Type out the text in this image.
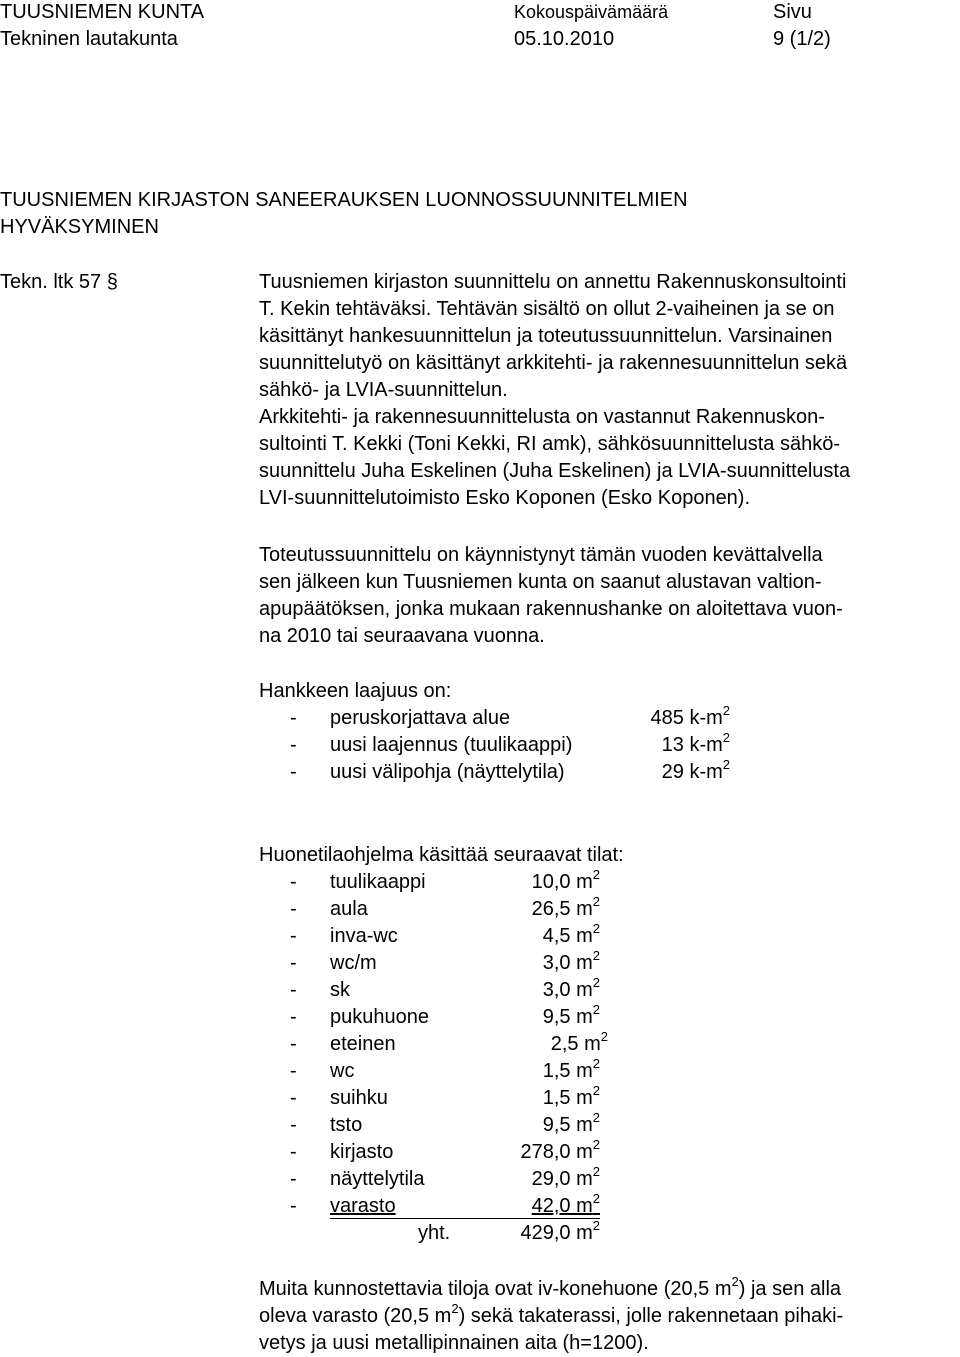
TUUSNIEMEN KUNTA
Tekninen lautakunta
Kokouspäivämäärä
05.10.2010
Sivu
9 (1/2)
TUUSNIEMEN KIRJASTON SANEERAUKSEN LUONNOSSUUNNITELMIEN
HYVÄKSYMINEN
Tekn. ltk 57 §	Tuusniemen kirjaston suunnittelu on annettu Rakennuskonsultointi
T. Kekin tehtäväksi. Tehtävän sisältö on ollut 2-vaiheinen ja se on
käsittänyt hankesuunnittelun ja toteutussuunnittelun. Varsinainen
suunnittelutyö on käsittänyt arkkitehti- ja rakennesuunnittelun sekä
sähkö- ja LVIA-suunnittelun.
Arkkitehti- ja rakennesuunnittelusta on vastannut Rakennuskon-
sultointi T. Kekki (Toni Kekki, RI amk), sähkösuunnittelusta sähkö-
suunnittelu Juha Eskelinen (Juha Eskelinen) ja LVIA-suunnittelusta
LVI-suunnittelutoimisto Esko Koponen (Esko Koponen).
Toteutussuunnittelu on käynnistynyt tämän vuoden kevättalvella
sen jälkeen kun Tuusniemen kunta on saanut alustavan valtion-
apupäätöksen, jonka mukaan rakennushanke on aloitettava vuon-
na 2010 tai seuraavana vuonna.
Hankkeen laajuus on:
- peruskorjattava alue	485 $k-m^2$
- uusi laajennus (tuulikaappi)	13 $k-m^2$
- uusi välipohja (näyttelytila)	29 $k-m^2$
Huonetilaohjelma käsittää seuraavat tilat:
- tuulikaappi	10,0 $m^2$
- aula	26,5 $m^2$
- inva-wc	4,5 $m^2$
- wc/m	3,0 $m^2$
- sk	3,0 $m^2$
- pukuhuone	9,5 $m^2$
- eteinen	2,5 $m^2$
- wc	1,5 $m^2$
- suihku	1,5 $m^2$
- tsto	9,5 $m^2$
- kirjasto	278,0 $m^2$
- näyttelytila	29,0 $m^2$
- varasto	42,0 $m^2$
yht.	429,0 $m^2$
Muita kunnostettavia tiloja ovat iv-konehuone (20,5 $m^2$) ja sen alla
oleva varasto (20,5 $m^2$) sekä takaterassi, jolle rakennetaan pihaki-
vetys ja uusi metallipinnainen aita (h=1200).
